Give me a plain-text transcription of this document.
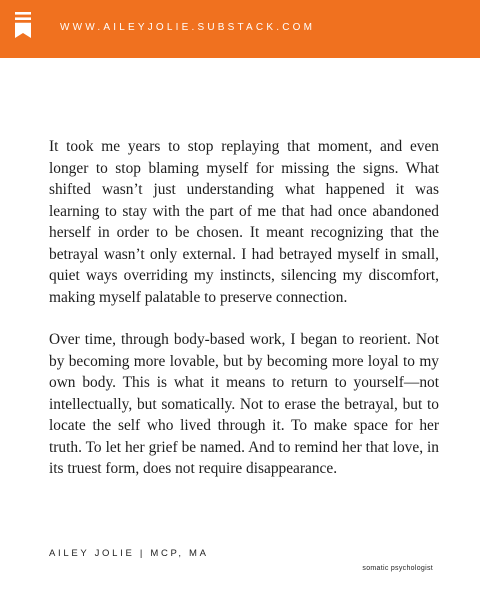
WWW.AILEYJOLIE.SUBSTACK.COM

It took me years to stop replaying that moment, and even longer to stop blaming myself for missing the signs. What shifted wasn’t just understanding what happened it was learning to stay with the part of me that had once abandoned herself in order to be chosen. It meant recognizing that the betrayal wasn’t only external. I had betrayed myself in small, quiet ways overriding my instincts, silencing my discomfort, making myself palatable to preserve connection.

Over time, through body-based work, I began to reorient. Not by becoming more lovable, but by becoming more loyal to my own body. This is what it means to return to yourself—not intellectually, but somatically. Not to erase the betrayal, but to locate the self who lived through it. To make space for her truth. To let her grief be named. And to remind her that love, in its truest form, does not require disappearance.

AILEY JOLIE | MCP, MA
somatic psychologist
